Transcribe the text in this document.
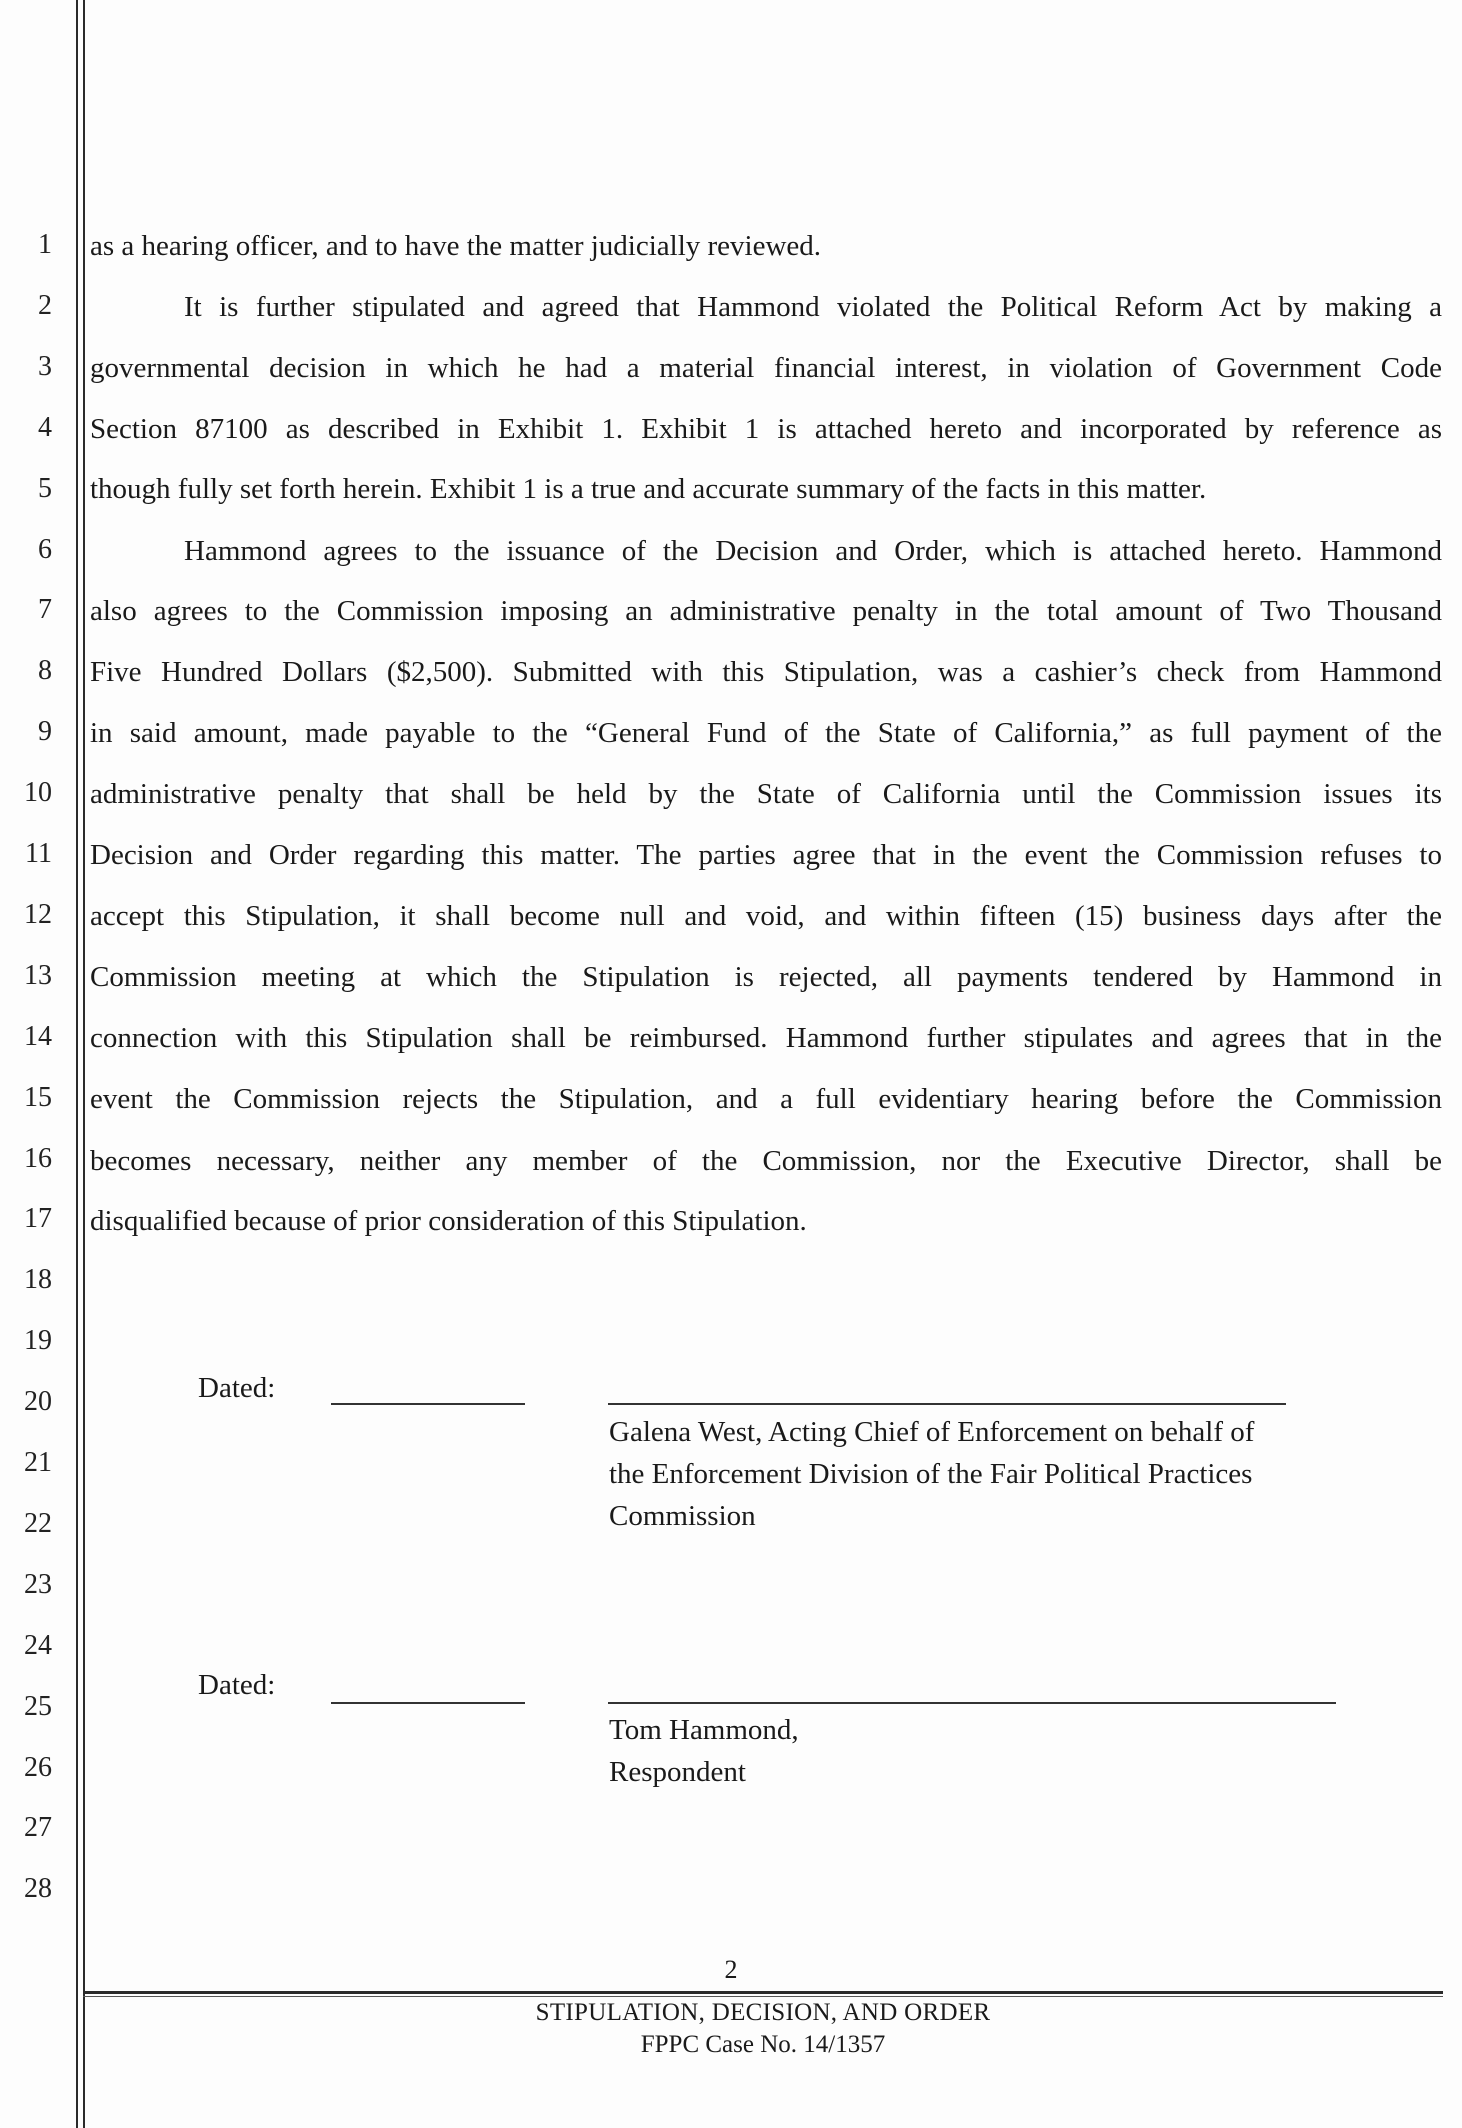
1
2
3
4
5
6
7
8
9
10
11
12
13
14
15
16
17
18
19
20
21
22
23
24
25
26
27
28
as a hearing officer, and to have the matter judicially reviewed.
It is further stipulated and agreed that Hammond violated the Political Reform Act by making a
governmental decision in which he had a material financial interest, in violation of Government Code
Section 87100 as described in Exhibit 1. Exhibit 1 is attached hereto and incorporated by reference as
though fully set forth herein. Exhibit 1 is a true and accurate summary of the facts in this matter.
Hammond agrees to the issuance of the Decision and Order, which is attached hereto. Hammond
also agrees to the Commission imposing an administrative penalty in the total amount of Two Thousand
Five Hundred Dollars ($2,500). Submitted with this Stipulation, was a cashier’s check from Hammond
in said amount, made payable to the “General Fund of the State of California,” as full payment of the
administrative penalty that shall be held by the State of California until the Commission issues its
Decision and Order regarding this matter. The parties agree that in the event the Commission refuses to
accept this Stipulation, it shall become null and void, and within fifteen (15) business days after the
Commission meeting at which the Stipulation is rejected, all payments tendered by Hammond in
connection with this Stipulation shall be reimbursed. Hammond further stipulates and agrees that in the
event the Commission rejects the Stipulation, and a full evidentiary hearing before the Commission
becomes necessary, neither any member of the Commission, nor the Executive Director, shall be
disqualified because of prior consideration of this Stipulation.
Dated:
Galena West, Acting Chief of Enforcement on behalf of
the Enforcement Division of the Fair Political Practices
Commission
Dated:
Tom Hammond,
Respondent
2
STIPULATION, DECISION, AND ORDER
FPPC Case No. 14/1357
